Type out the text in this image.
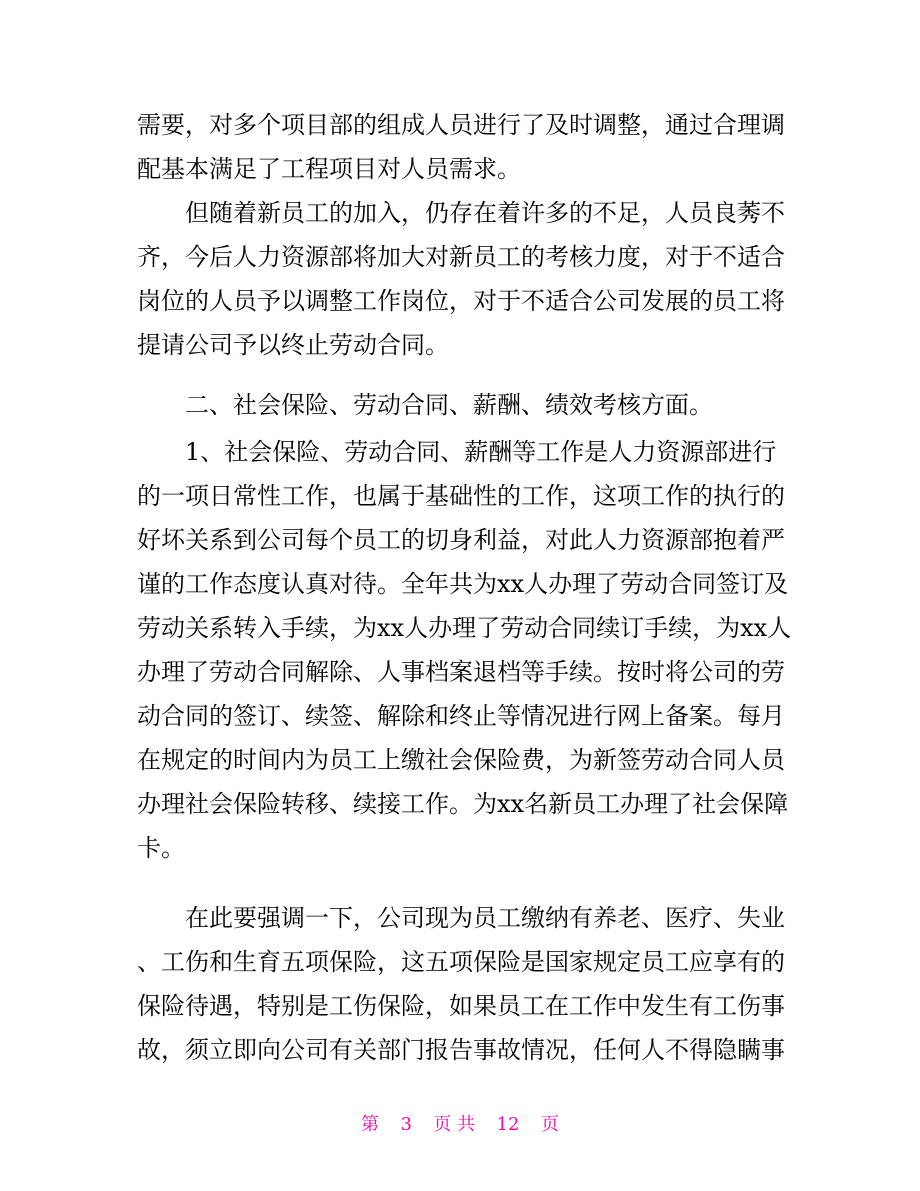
需要，对多个项目部的组成人员进行了及时调整，通过合理调
配基本满足了工程项目对人员需求。
　　但随着新员工的加入，仍存在着许多的不足，人员良莠不
齐，今后人力资源部将加大对新员工的考核力度，对于不适合
岗位的人员予以调整工作岗位，对于不适合公司发展的员工将
提请公司予以终止劳动合同。
　　二、社会保险、劳动合同、薪酬、绩效考核方面。
　　1、社会保险、劳动合同、薪酬等工作是人力资源部进行
的一项日常性工作，也属于基础性的工作，这项工作的执行的
好坏关系到公司每个员工的切身利益，对此人力资源部抱着严
谨的工作态度认真对待。全年共为xx人办理了劳动合同签订及
劳动关系转入手续，为xx人办理了劳动合同续订手续，为xx人
办理了劳动合同解除、人事档案退档等手续。按时将公司的劳
动合同的签订、续签、解除和终止等情况进行网上备案。每月
在规定的时间内为员工上缴社会保险费，为新签劳动合同人员
办理社会保险转移、续接工作。为xx名新员工办理了社会保障
卡。
　　在此要强调一下，公司现为员工缴纳有养老、医疗、失业
、工伤和生育五项保险，这五项保险是国家规定员工应享有的
保险待遇，特别是工伤保险，如果员工在工作中发生有工伤事
故，须立即向公司有关部门报告事故情况，任何人不得隐瞒事
第 3 页 共 12 页
